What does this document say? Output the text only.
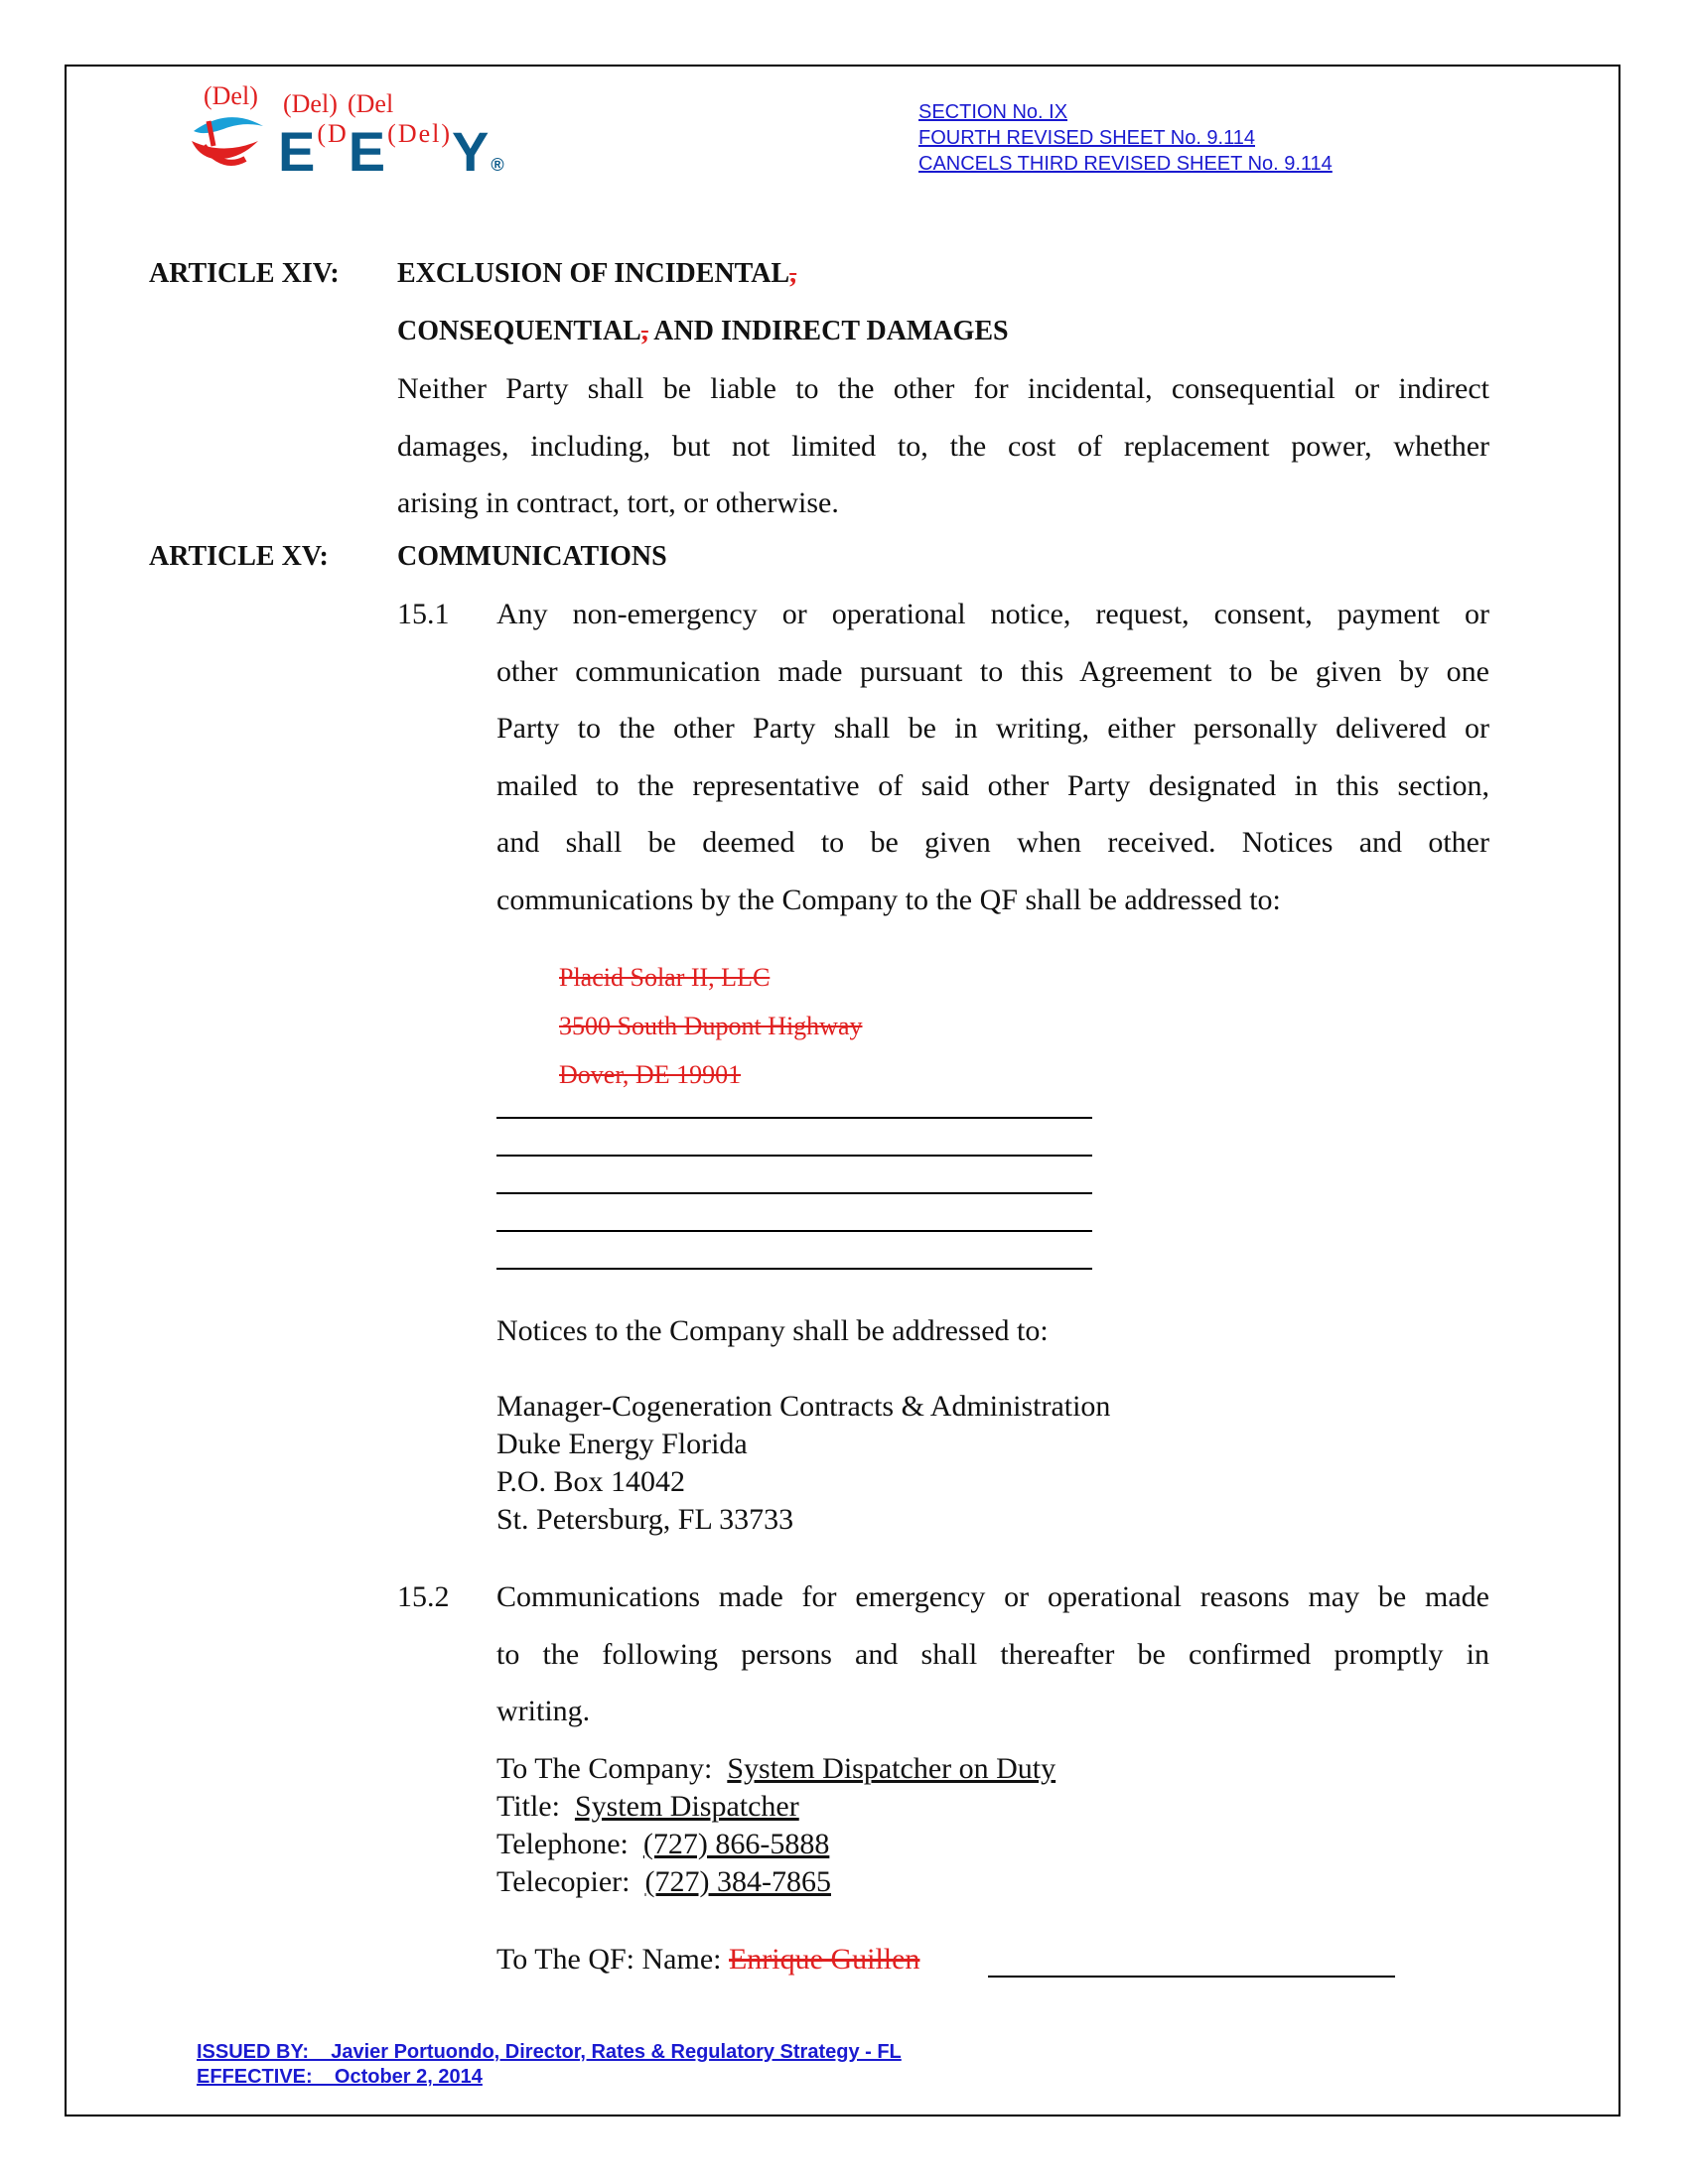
(Del) (Del) (Del
$E^{(D}E^{(Del)}Y®$
SECTION No. IX
FOURTH REVISED SHEET No. 9.114
CANCELS THIRD REVISED SHEET No. 9.114
ARTICLE XIV: EXCLUSION OF INCIDENTAL,
CONSEQUENTIAL, AND INDIRECT DAMAGES
Neither Party shall be liable to the other for incidental, consequential or indirect
damages, including, but not limited to, the cost of replacement power, whether
arising in contract, tort, or otherwise.
ARTICLE XV: COMMUNICATIONS
15.1 Any non-emergency or operational notice, request, consent, payment or
other communication made pursuant to this Agreement to be given by one
Party to the other Party shall be in writing, either personally delivered or
mailed to the representative of said other Party designated in this section,
and shall be deemed to be given when received. Notices and other
communications by the Company to the QF shall be addressed to:
Placid Solar II, LLC
3500 South Dupont Highway
Dover, DE 19901
Notices to the Company shall be addressed to:
Manager-Cogeneration Contracts & Administration
Duke Energy Florida
P.O. Box 14042
St. Petersburg, FL 33733
15.2 Communications made for emergency or operational reasons may be made
to the following persons and shall thereafter be confirmed promptly in
writing.
To The Company: System Dispatcher on Duty
Title: System Dispatcher
Telephone: (727) 866-5888
Telecopier: (727) 384-7865
To The QF: Name: Enrique Guillen
ISSUED BY:    Javier Portuondo, Director, Rates & Regulatory Strategy - FL
EFFECTIVE:    October 2, 2014
